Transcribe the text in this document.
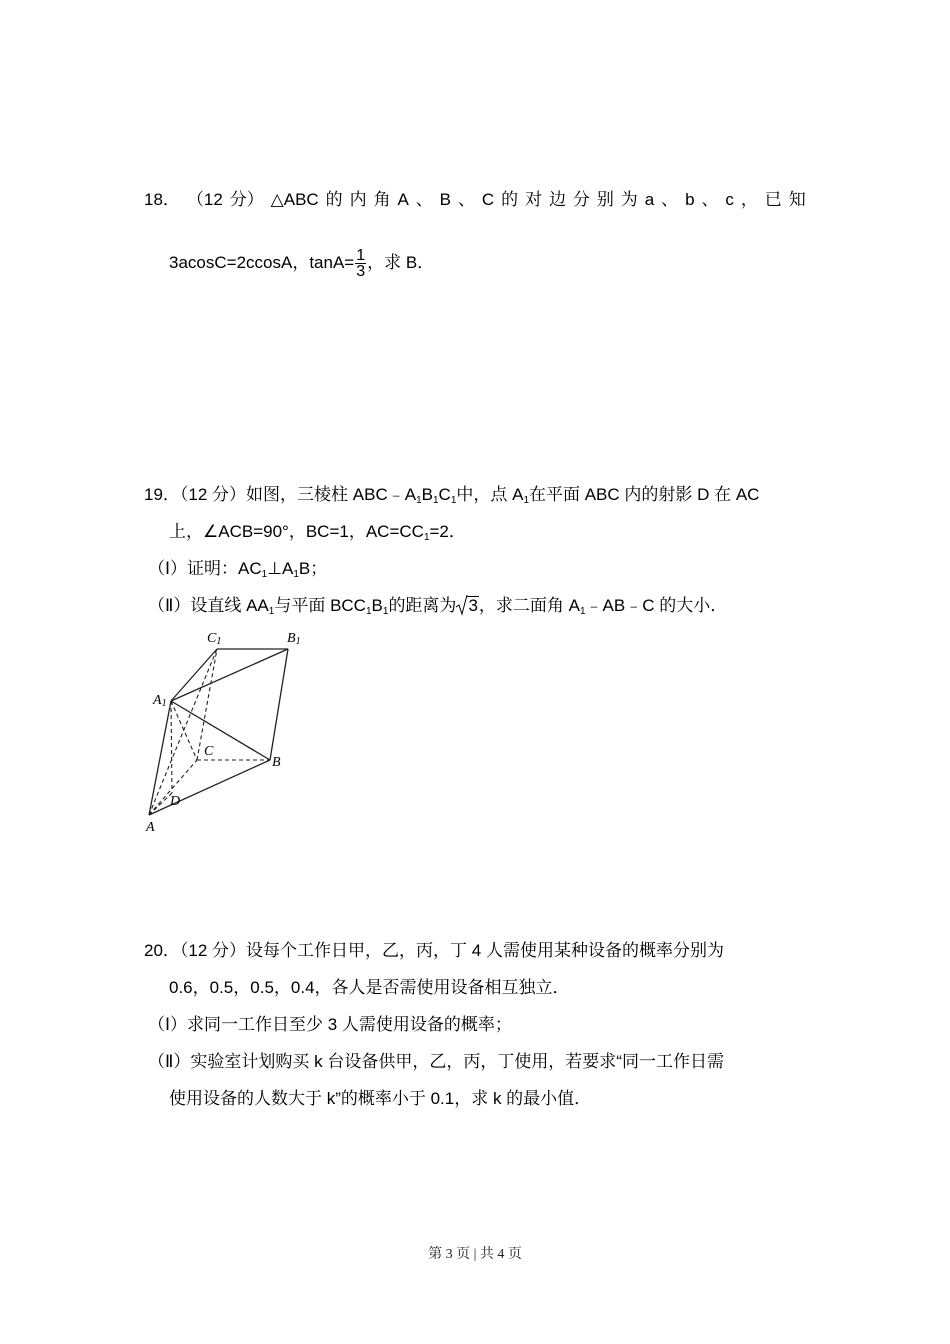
18． （12 分） △ABC 的 内 角 A 、 B 、 C 的 对 边 分 别 为 a 、 b 、 c ， 已 知
3acosC=2ccosA，$\tan A= \frac{1}{3}$ ，求 B．
19．（12 分）如图，三棱柱 $ABC﹣A_1B_1C_1$中，点 $A_1$在平面 ABC 内的射影 D 在 AC
上，∠ACB=90°，BC=1，$AC=CC_1=2$．
（Ⅰ）证明：$AC_1\perp A_1B$；
（Ⅱ）设直线 $AA_1$与平面 $BCC_1B_1$的距离为 3，求二面角 $A_1﹣AB﹣C$ 的大小．
C1	B1
A1
C
B
D
A
20．（12 分）设每个工作日甲，乙，丙，丁 4 人需使用某种设备的概率分别为
0.6，0.5，0.5，0.4，各人是否需使用设备相互独立．
（Ⅰ）求同一工作日至少 3 人需使用设备的概率；
（Ⅱ）实验室计划购买 k 台设备供甲，乙，丙，丁使用，若要求“同一工作日需
使用设备的人数大于 k”的概率小于 0.1，求 k 的最小值．
第 3 页 | 共 4 页
